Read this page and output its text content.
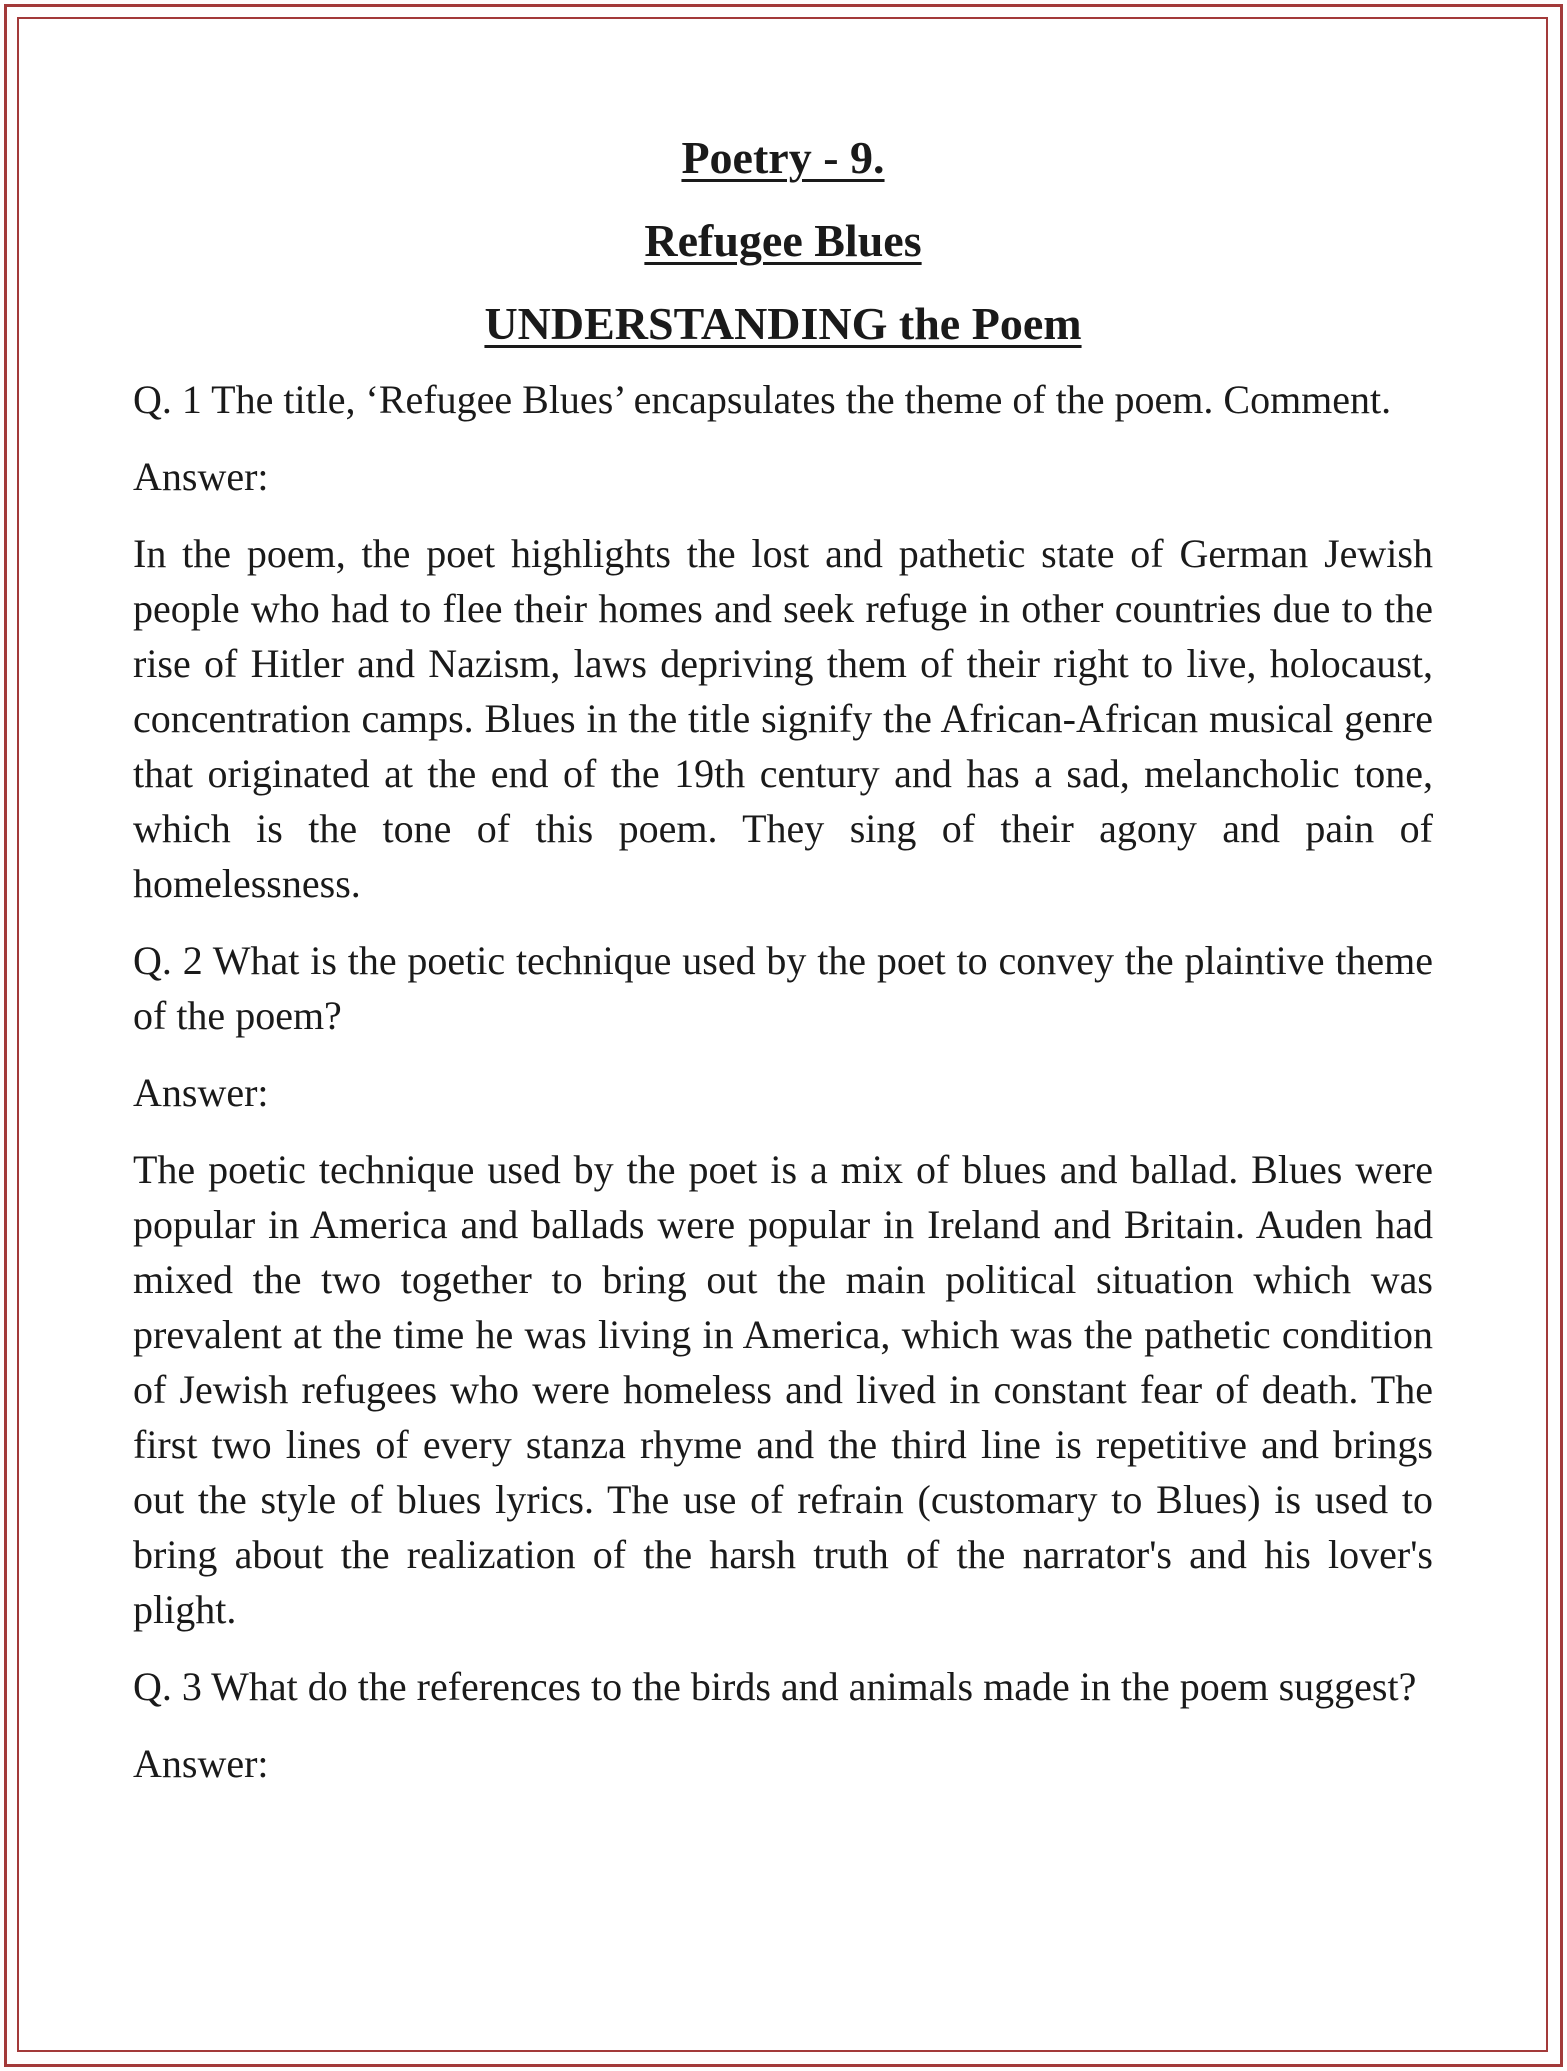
Poetry - 9.
Refugee Blues
UNDERSTANDING the Poem

Q. 1 The title, ‘Refugee Blues’ encapsulates the theme of the poem. Comment.

Answer:

In the poem, the poet highlights the lost and pathetic state of German Jewish people who had to flee their homes and seek refuge in other countries due to the rise of Hitler and Nazism, laws depriving them of their right to live, holocaust, concentration camps. Blues in the title signify the African-African musical genre that originated at the end of the 19th century and has a sad, melancholic tone, which is the tone of this poem. They sing of their agony and pain of homelessness.

Q. 2 What is the poetic technique used by the poet to convey the plaintive theme of the poem?

Answer:

The poetic technique used by the poet is a mix of blues and ballad. Blues were popular in America and ballads were popular in Ireland and Britain. Auden had mixed the two together to bring out the main political situation which was prevalent at the time he was living in America, which was the pathetic condition of Jewish refugees who were homeless and lived in constant fear of death. The first two lines of every stanza rhyme and the third line is repetitive and brings out the style of blues lyrics. The use of refrain (customary to Blues) is used to bring about the realization of the harsh truth of the narrator's and his lover's plight.

Q. 3 What do the references to the birds and animals made in the poem suggest?

Answer:
